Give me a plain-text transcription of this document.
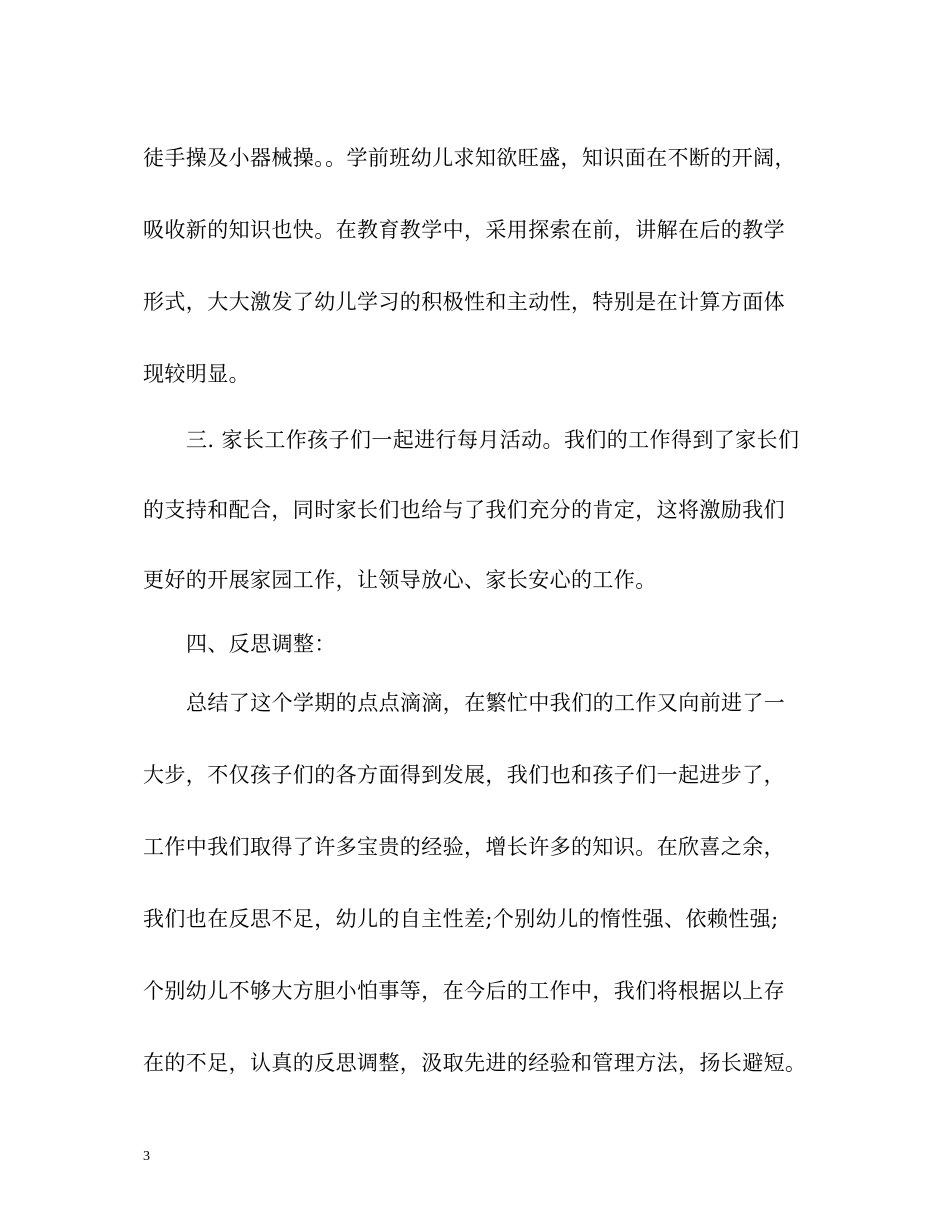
徒手操及小器械操。。学前班幼儿求知欲旺盛，知识面在不断的开阔，
吸收新的知识也快。在教育教学中，采用探索在前，讲解在后的教学
形式，大大激发了幼儿学习的积极性和主动性，特别是在计算方面体
现较明显。
三. 家长工作孩子们一起进行每月活动。我们的工作得到了家长们
的支持和配合，同时家长们也给与了我们充分的肯定，这将激励我们
更好的开展家园工作，让领导放心、家长安心的工作。
四、反思调整：
总结了这个学期的点点滴滴，在繁忙中我们的工作又向前进了一
大步，不仅孩子们的各方面得到发展，我们也和孩子们一起进步了，
工作中我们取得了许多宝贵的经验，增长许多的知识。在欣喜之余，
我们也在反思不足，幼儿的自主性差;个别幼儿的惰性强、依赖性强;
个别幼儿不够大方胆小怕事等，在今后的工作中，我们将根据以上存
在的不足，认真的反思调整，汲取先进的经验和管理方法，扬长避短。
3
